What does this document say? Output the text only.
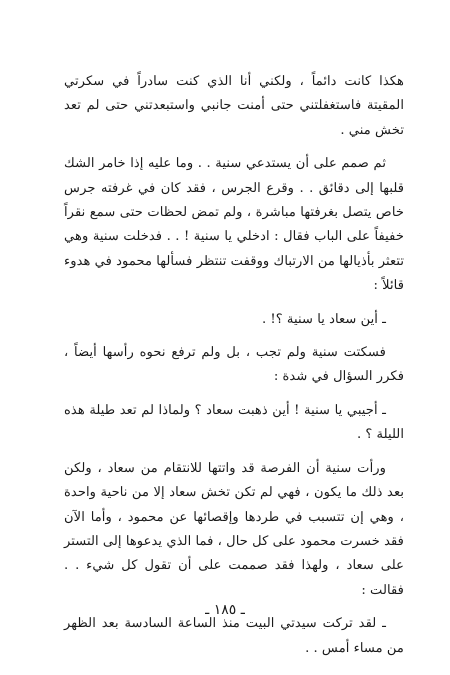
هكذا كانت دائماً ، ولكني أنا الذي كنت سادراً في سكرتي المقيتة فاستغفلتني حتى أمنت جانبي واستبعدتني حتى لم تعد تخش مني .

ثم صمم على أن يستدعي سنية . . وما عليه إذا خامر الشك قلبها إلى دقائق . . وقرع الجرس ، فقد كان في غرفته جرس خاص يتصل بغرفتها مباشرة ، ولم تمض لحظات حتى سمع نقراً خفيفاً على الباب فقال : ادخلي يا سنية ! . . فدخلت سنية وهي تتعثر بأذيالها من الارتباك ووقفت تنتظر فسألها محمود في هدوء قائلاً :

ـ أين سعاد يا سنية ؟! .

فسكتت سنية ولم تجب ، بل ولم ترفع نحوه رأسها أيضاً ، فكرر السؤال في شدة :

ـ أجيبي يا سنية ! أين ذهبت سعاد ؟ ولماذا لم تعد طيلة هذه الليلة ؟ .

ورأت سنية أن الفرصة قد واتتها للانتقام من سعاد ، ولكن بعد ذلك ما يكون ، فهي لم تكن تخش سعاد إلا من ناحية واحدة ، وهي إن تتسبب في طردها وإقصائها عن محمود ، وأما الآن فقد خسرت محمود على كل حال ، فما الذي يدعوها إلى التستر على سعاد ، ولهذا فقد صممت على أن تقول كل شيء . . فقالت :

ـ لقد تركت سيدتي البيت منذ الساعة السادسة بعد الظهر من مساء أمس . .

ـ ١٨٥ ـ
